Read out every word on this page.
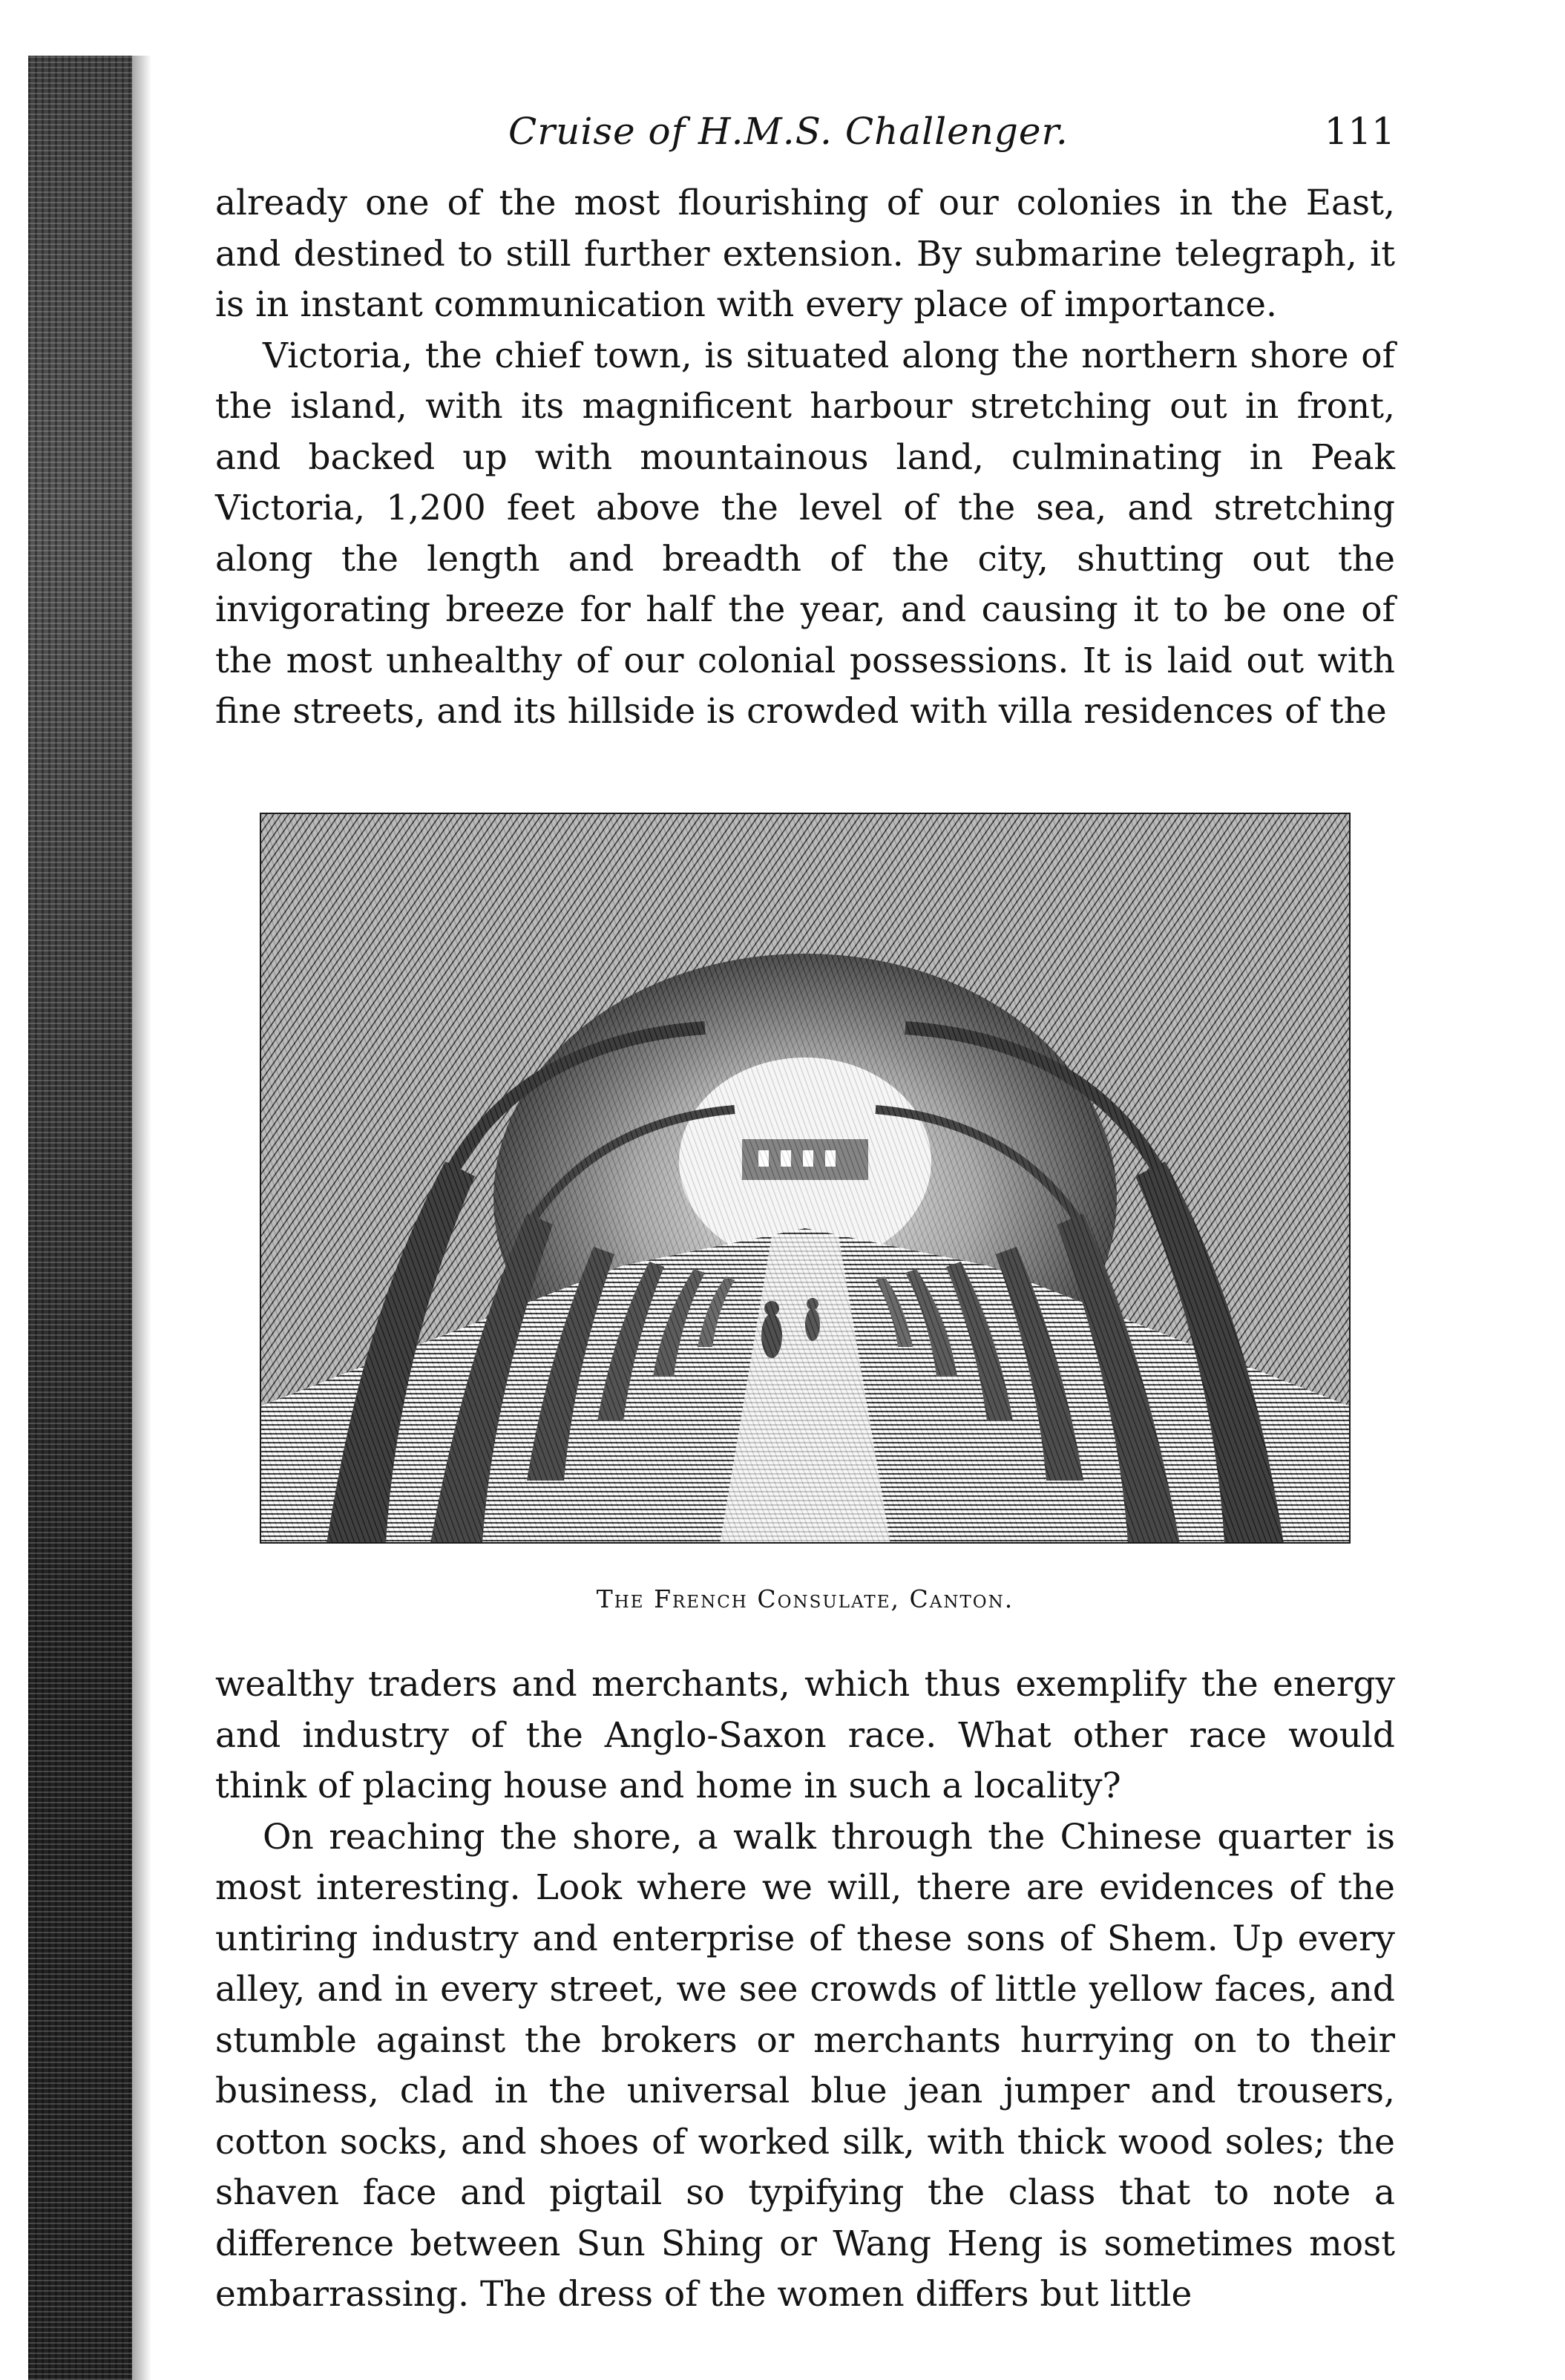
Cruise of H.M.S. Challenger.	111

already one of the most flourishing of our colonies in the East, and destined to still further extension. By submarine telegraph, it is in instant communication with every place of importance.

Victoria, the chief town, is situated along the northern shore of the island, with its magnificent harbour stretching out in front, and backed up with mountainous land, culminating in Peak Victoria, 1,200 feet above the level of the sea, and stretching along the length and breadth of the city, shutting out the invigorating breeze for half the year, and causing it to be one of the most unhealthy of our colonial possessions. It is laid out with fine streets, and its hillside is crowded with villa residences of the

The French Consulate, Canton.

wealthy traders and merchants, which thus exemplify the energy and industry of the Anglo-Saxon race. What other race would think of placing house and home in such a locality?

On reaching the shore, a walk through the Chinese quarter is most interesting. Look where we will, there are evidences of the untiring industry and enterprise of these sons of Shem. Up every alley, and in every street, we see crowds of little yellow faces, and stumble against the brokers or merchants hurrying on to their business, clad in the universal blue jean jumper and trousers, cotton socks, and shoes of worked silk, with thick wood soles; the shaven face and pigtail so typifying the class that to note a difference between Sun Shing or Wang Heng is sometimes most embarrassing. The dress of the women differs but little
